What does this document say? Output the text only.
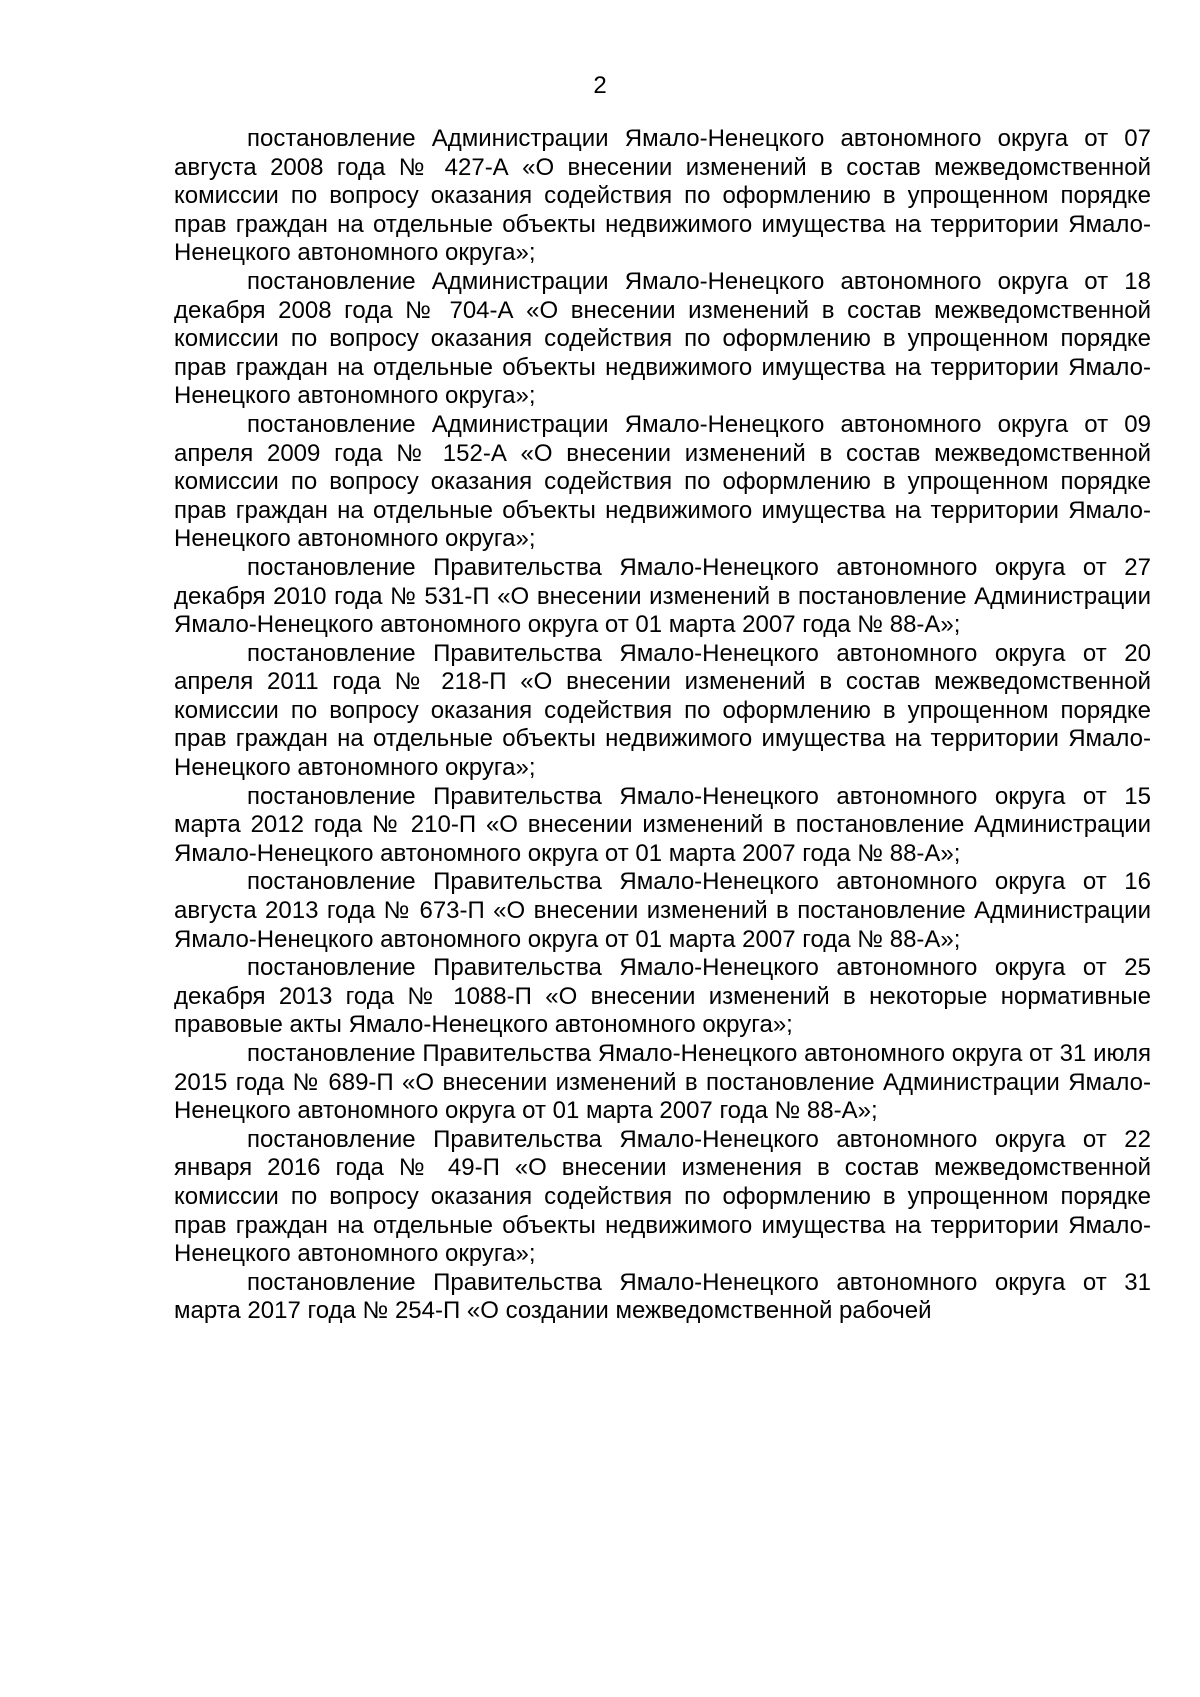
2

постановление Администрации Ямало-Ненецкого автономного округа от 07 августа 2008 года № 427-А «О внесении изменений в состав межведомственной комиссии по вопросу оказания содействия по оформлению в упрощенном порядке прав граждан на отдельные объекты недвижимого имущества на территории Ямало-Ненецкого автономного округа»;

постановление Администрации Ямало-Ненецкого автономного округа от 18 декабря 2008 года № 704-А «О внесении изменений в состав межведомственной комиссии по вопросу оказания содействия по оформлению в упрощенном порядке прав граждан на отдельные объекты недвижимого имущества на территории Ямало-Ненецкого автономного округа»;

постановление Администрации Ямало-Ненецкого автономного округа от 09 апреля 2009 года № 152-А «О внесении изменений в состав межведомственной комиссии по вопросу оказания содействия по оформлению в упрощенном порядке прав граждан на отдельные объекты недвижимого имущества на территории Ямало-Ненецкого автономного округа»;

постановление Правительства Ямало-Ненецкого автономного округа от 27 декабря 2010 года № 531-П «О внесении изменений в постановление Администрации Ямало-Ненецкого автономного округа от 01 марта 2007 года № 88-А»;

постановление Правительства Ямало-Ненецкого автономного округа от 20 апреля 2011 года № 218-П «О внесении изменений в состав межведомственной комиссии по вопросу оказания содействия по оформлению в упрощенном порядке прав граждан на отдельные объекты недвижимого имущества на территории Ямало-Ненецкого автономного округа»;

постановление Правительства Ямало-Ненецкого автономного округа от 15 марта 2012 года № 210-П «О внесении изменений в постановление Администрации Ямало-Ненецкого автономного округа от 01 марта 2007 года № 88-А»;

постановление Правительства Ямало-Ненецкого автономного округа от 16 августа 2013 года № 673-П «О внесении изменений в постановление Администрации Ямало-Ненецкого автономного округа от 01 марта 2007 года № 88-А»;

постановление Правительства Ямало-Ненецкого автономного округа от 25 декабря 2013 года № 1088-П «О внесении изменений в некоторые нормативные правовые акты Ямало-Ненецкого автономного округа»;

постановление Правительства Ямало-Ненецкого автономного округа от 31 июля 2015 года № 689-П «О внесении изменений в постановление Администрации Ямало-Ненецкого автономного округа от 01 марта 2007 года № 88-А»;

постановление Правительства Ямало-Ненецкого автономного округа от 22 января 2016 года № 49-П «О внесении изменения в состав межведомственной комиссии по вопросу оказания содействия по оформлению в упрощенном порядке прав граждан на отдельные объекты недвижимого имущества на территории Ямало-Ненецкого автономного округа»;

постановление Правительства Ямало-Ненецкого автономного округа от 31 марта 2017 года № 254-П «О создании межведомственной рабочей
